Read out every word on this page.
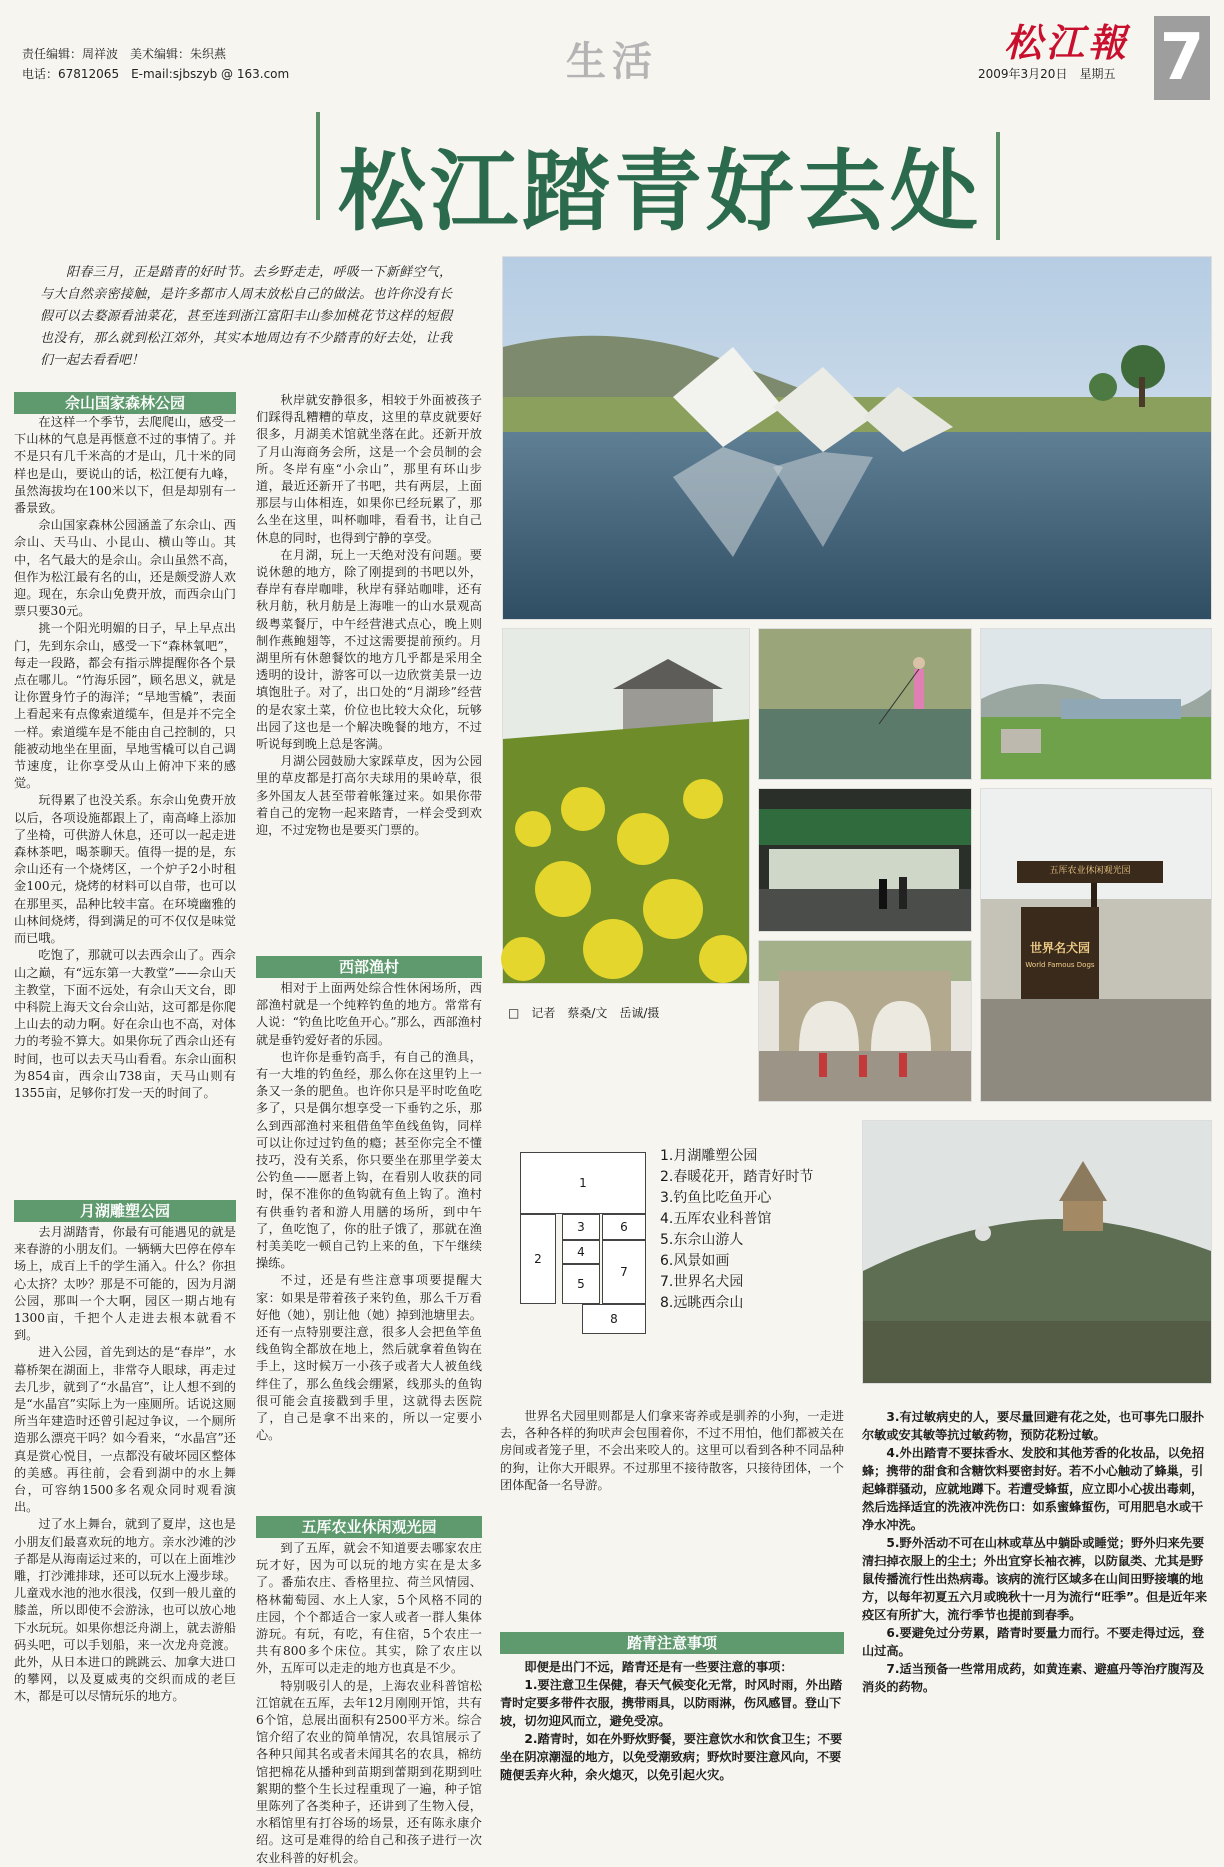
责任编辑：周祥波　美术编辑：朱织燕
电话：67812065　E-mail:sjbszyb @ 163.com	生活	松江報
2009年3月20日　星期五 7
松江踏青好去处
阳春三月，正是踏青的好时节。去乡野走走，呼吸一下新鲜空气，与大自然亲密接触，是许多都市人周末放松自己的做法。也许你没有长假可以去婺源看油菜花，甚至连到浙江富阳丰山参加桃花节这样的短假也没有，那么就到松江郊外，其实本地周边有不少踏青的好去处，让我们一起去看看吧！
佘山国家森林公园

在这样一个季节，去爬爬山，感受一下山林的气息是再惬意不过的事情了。并不是只有几千米高的才是山，几十米的同样也是山，要说山的话，松江便有九峰，虽然海拔均在100米以下，但是却别有一番景致。

佘山国家森林公园涵盖了东佘山、西佘山、天马山、小昆山、横山等山。其中，名气最大的是佘山。佘山虽然不高，但作为松江最有名的山，还是颇受游人欢迎。现在，东佘山免费开放，而西佘山门票只要30元。

挑一个阳光明媚的日子，早上早点出门，先到东佘山，感受一下“森林氧吧”，每走一段路，都会有指示牌提醒你各个景点在哪儿。“竹海乐园”，顾名思义，就是让你置身竹子的海洋；“旱地雪橇”，表面上看起来有点像索道缆车，但是并不完全一样。索道缆车是不能由自己控制的，只能被动地坐在里面，旱地雪橇可以自己调节速度，让你享受从山上俯冲下来的感觉。

玩得累了也没关系。东佘山免费开放以后，各项设施都跟上了，南高峰上添加了坐椅，可供游人休息，还可以一起走进森林茶吧，喝茶聊天。值得一提的是，东佘山还有一个烧烤区，一个炉子2小时租金100元，烧烤的材料可以自带，也可以在那里买，品种比较丰富。在环境幽雅的山林间烧烤，得到满足的可不仅仅是味觉而已哦。

吃饱了，那就可以去西佘山了。西佘山之巅，有“远东第一大教堂”——佘山天主教堂，下面不远处，有佘山天文台，即中科院上海天文台佘山站，这可都是你爬上山去的动力啊。好在佘山也不高，对体力的考验不算大。如果你玩了西佘山还有时间，也可以去天马山看看。东佘山面积为854亩，西佘山738亩，天马山则有1355亩，足够你打发一天的时间了。

月湖雕塑公园

去月湖踏青，你最有可能遇见的就是来春游的小朋友们。一辆辆大巴停在停车场上，成百上千的学生涌入。什么？你担心太挤？太吵？那是不可能的，因为月湖公园，那叫一个大啊，园区一期占地有1300亩，千把个人走进去根本就看不到。

进入公园，首先到达的是“春岸”，水幕桥架在湖面上，非常夺人眼球，再走过去几步，就到了“水晶宫”，让人想不到的是“水晶宫”实际上为一座厕所。话说这厕所当年建造时还曾引起过争议，一个厕所造那么漂亮干吗？如今看来，“水晶宫”还真是赏心悦目，一点都没有破坏园区整体的美感。再往前，会看到湖中的水上舞台，可容纳1500多名观众同时观看演出。

过了水上舞台，就到了夏岸，这也是小朋友们最喜欢玩的地方。亲水沙滩的沙子都是从海南运过来的，可以在上面堆沙雕，打沙滩排球，还可以玩水上漫步球。儿童戏水池的池水很浅，仅到一般儿童的膝盖，所以即使不会游泳，也可以放心地下水玩玩。如果你想泛舟湖上，就去游船码头吧，可以手划船，来一次龙舟竞渡。此外，从日本进口的跳跳云、加拿大进口的攀网，以及夏威夷的交织而成的老巨木，都是可以尽情玩乐的地方。

秋岸就安静很多，相较于外面被孩子们踩得乱糟糟的草皮，这里的草皮就要好很多，月湖美术馆就坐落在此。还新开放了月山海商务会所，这是一个会员制的会所。冬岸有座“小佘山”，那里有环山步道，最近还新开了书吧，共有两层，上面那层与山体相连，如果你已经玩累了，那么坐在这里，叫杯咖啡，看看书，让自己休息的同时，也得到宁静的享受。

在月湖，玩上一天绝对没有问题。要说休憩的地方，除了刚提到的书吧以外，春岸有春岸咖啡，秋岸有驿站咖啡，还有秋月舫，秋月舫是上海唯一的山水景观高级粤菜餐厅，中午经营港式点心，晚上则制作燕鲍翅等，不过这需要提前预约。月湖里所有休憩餐饮的地方几乎都是采用全透明的设计，游客可以一边欣赏美景一边填饱肚子。对了，出口处的“月湖珍”经营的是农家土菜，价位也比较大众化，玩够出园了这也是一个解决晚餐的地方，不过听说每到晚上总是客满。

月湖公园鼓励大家踩草皮，因为公园里的草皮都是打高尔夫球用的果岭草，很多外国友人甚至带着帐篷过来。如果你带着自己的宠物一起来踏青，一样会受到欢迎，不过宠物也是要买门票的。

西部渔村

相对于上面两处综合性休闲场所，西部渔村就是一个纯粹钓鱼的地方。常常有人说：“钓鱼比吃鱼开心。”那么，西部渔村就是垂钓爱好者的乐园。

也许你是垂钓高手，有自己的渔具，有一大堆的钓鱼经，那么你在这里钓上一条又一条的肥鱼。也许你只是平时吃鱼吃多了，只是偶尔想享受一下垂钓之乐，那么到西部渔村来租借鱼竿鱼线鱼钩，同样可以让你过过钓鱼的瘾；甚至你完全不懂技巧，没有关系，你只要坐在那里学姜太公钓鱼——愿者上钩，在看别人收获的同时，保不准你的鱼钩就有鱼上钩了。渔村有供垂钓者和游人用膳的场所，到中午了，鱼吃饱了，你的肚子饿了，那就在渔村美美吃一顿自己钓上来的鱼，下午继续操练。

不过，还是有些注意事项要提醒大家：如果是带着孩子来钓鱼，那么千万看好他（她），别让他（她）掉到池塘里去。还有一点特别要注意，很多人会把鱼竿鱼线鱼钩全都放在地上，然后就拿着鱼钩在手上，这时候万一小孩子或者大人被鱼线绊住了，那么鱼线会绷紧，线那头的鱼钩很可能会直接戳到手里，这就得去医院了，自己是拿不出来的，所以一定要小心。

五厍农业休闲观光园

到了五厍，就会不知道要去哪家农庄玩才好，因为可以玩的地方实在是太多了。番茄农庄、香格里拉、荷兰风情园、格林葡萄园、水上人家，5个风格不同的庄园，个个都适合一家人或者一群人集体游玩。有玩，有吃，有住宿，5个农庄一共有800多个床位。其实，除了农庄以外，五厍可以走走的地方也真是不少。

特别吸引人的是，上海农业科普馆松江馆就在五厍，去年12月刚刚开馆，共有6个馆，总展出面积有2500平方米。综合馆介绍了农业的简单情况，农具馆展示了各种只闻其名或者未闻其名的农具，棉纺馆把棉花从播种到苗期到蕾期到花期到吐絮期的整个生长过程重现了一遍，种子馆里陈列了各类种子，还讲到了生物入侵，水稻馆里有打谷场的场景，还有陈永康介绍。这可是难得的给自己和孩子进行一次农业科普的好机会。

世界名犬园里则都是人们拿来寄养或是驯养的小狗，一走进去，各种各样的狗吠声会包围着你，不过不用怕，他们都被关在房间或者笼子里，不会出来咬人的。这里可以看到各种不同品种的狗，让你大开眼界。不过那里不接待散客，只接待团体，一个团体配备一名导游。

踏青注意事项

即便是出门不远，踏青还是有一些要注意的事项：

1.要注意卫生保健，春天气候变化无常，时风时雨，外出踏青时定要多带件衣服，携带雨具，以防雨淋，伤风感冒。登山下坡，切勿迎风而立，避免受凉。

2.踏青时，如在外野炊野餐，要注意饮水和饮食卫生；不要坐在阴凉潮湿的地方，以免受潮致病；野炊时要注意风向，不要随便丢弃火种，余火熄灭，以免引起火灾。

3.有过敏病史的人，要尽量回避有花之处，也可事先口服扑尔敏或安其敏等抗过敏药物，预防花粉过敏。

4.外出踏青不要抹香水、发胶和其他芳香的化妆品，以免招蜂；携带的甜食和含糖饮料要密封好。若不小心触动了蜂巢，引起蜂群骚动，应就地蹲下。若遭受蜂蜇，应立即小心拔出毒刺，然后选择适宜的洗液冲洗伤口：如系蜜蜂蜇伤，可用肥皂水或干净水冲洗。

5.野外活动不可在山林或草丛中躺卧或睡觉；野外归来先要清扫掉衣服上的尘土；外出宜穿长袖衣裤，以防鼠类、尤其是野鼠传播流行性出热病毒。该病的流行区域多在山间田野接壤的地方，以每年初夏五六月或晚秋十一月为流行“旺季”。但是近年来疫区有所扩大，流行季节也提前到春季。

6.要避免过分劳累，踏青时要量力而行。不要走得过远，登山过高。

7.适当预备一些常用成药，如黄连素、避瘟丹等治疗腹泻及消炎的药物。

五厍农业休闲观光园
世界名犬园
World Famous Dogs
□　记者　蔡桑/文　岳诚/摄
1
2
3
4
5
6
7
8

1.月湖雕塑公园

2.春暖花开，踏青好时节

3.钓鱼比吃鱼开心

4.五厍农业科普馆

5.东佘山游人

6.风景如画

7.世界名犬园

8.远眺西佘山
